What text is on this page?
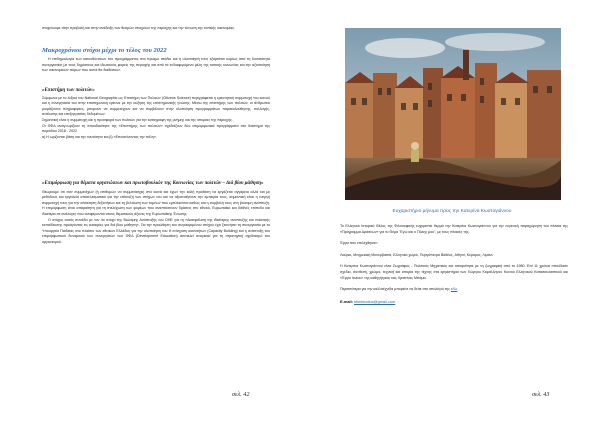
στοχεύουμε στην προβολή και στην ανάδειξη των θεσμών στοιχείων της περιοχής και την τόνωση της τοπικής οικονομίας.

Μακροχρόνιοι στόχοι μέχρι το τέλος του 2022

Η επιδημιολογία των κατευθύνσεων του προγράμματος στο πρώιμο στάδιο και η υλοποίησή τους εξαρτάται κυρίως από τη δυνατότητα συνεργασίας με τους δημόσιους και ιδιωτικούς φορείς της περιοχής και από τα ενδιαφερόμενα μέλη της τοπικής κοινωνίας και την αξιοποίηση των οικονομικών πόρων που αυτοί θα διαθέσουν.

«Επιστήμη των πολιτών»

Σύμφωνα με το λεξικό του National Geographic ως Επιστήμη των Πολιτών (Citizens Science) περιγράφεται η ερευνητική συμμετοχή του κοινού και η συνεργασία του στην επιστημονική έρευνα με την αύξηση της επιστημονικής γνώσης. Μέσω της επιστήμης των πολιτών, οι άνθρωποι μοιράζονται πληροφορίες, μπορούν να συμμετέχουν και να συμβάλουν στην υλοποίηση προγραμμάτων παρακολούθησης, συλλογής, ανάλυσης και επεξεργασίας δεδομένων.

Σημαντική είναι η συμμετοχή και η προσφορά των πολιτών για την καταγραφή της μνήμης και της ιστορίας της περιοχής.

Οι ΘΦΔ αναγνωρίζουν τη σπουδαιότητα της «Επιστήμης των πολιτών» σχεδιάζουν δύο επιμορφωτικά προγράμματα στο διάστημα της περιόδου 2018 - 2022

α) Η ωρίζονται βάση και την ταυτότητα και β) «Επεκτείνοντας την πόλη».

«Επιμόρφωση για θέματα οργανώσεων και πρωτοβουλιών της Κοινωνίας των πολιτών – Διά βίου μάθηση»

Θεωρούμε ότι σαν συμμετέχων (ή επιθυμών να συμμετάσχει) στα κοινά και έχων την καλή πρόθεση να εργάζεται αγγάρεια αλλά και με μεθόδους και εργαλεία αποτελεσματικά για την επίτευξη των στόχων του και να αξιοποιήσουν την εμπειρία τους, σημαντική είναι η ενεργή συμμετοχή τους για την απόκτηση δεξιοτήτων και τη βελτίωση των τομέων που εμπλέκονται καθώς και η συμβολή τους στη βιώσιμη ανάπτυξη. Η επιμόρφωση είναι απαραίτητη για τη στελέχωση των φορέων που αναπτύσσουν δράσεις στο εθνικό, Ευρωπαϊκό και διεθνές επίπεδο και ιδιαίτερα σε ανάλογες που αναφέρονται στους θεματικούς άξονες της Ευρωπαϊκής Ένωσης.

Ο στόχος αυτός συνάδει με τον 4ο στόχο της Βιώσιμης Ανάπτυξης του ΟΗΕ για τη «Διασφάλιση της ιδιαίτερης ανάπτυξης και ποιοτικής εκπαίδευσης προάγοντας τις ευκαιρίες για διά βίου μάθηση». Για την προώθηση του συγκεκριμένου στόχου έχει ξεκινήσει τη συνεργασία με το Υπουργείο Παιδείας στο πλαίσιο των εθνικών Ελλάδας για την υλοποίηση του Η ενίσχυση ικανοτήτων (Capacity Building) και η ανάπτυξη του επιμορφωτικού δυναμικού των συνεργατών των ΘΦΔ (Development Education) αποτελεί αναγκαίο για τη στρατηγική σχεδιασμό του οργανισμού.

σελ. 42
Ευχαριστήριο μήνυμα προς την Κατερίνα Κωστογιάννου

Το Ελληνικό Ιστορικό Θέλος της Φιλοσοφικής ευχαριστεί θερμά την Κατερίνα Κωστογιάννου για την ευγενική παραχώρηση του πίνακα της «Πρόγραμμα Δράσεων» για το Θέμα "Εγώ και ο Πόλης μου", με τους πίνακές της.

Έργα που επιλέχθηκαν:

Λαύριο, Μνημειακή Μονεμβασιά, Ελληνικό χωριό, Πυργόπετρα Βαθέος, Αθήνα, Κέραμος, Λιμάνι.

Η Κατερίνα Κωστογιάννου είναι Ζωγράφος - Πολιτικός Μηχανικός και αποφοίτησε με τη ζωγραφική από το 1980. Επί 11 χρόνια σπούδασε σχέδιο, σύνθεση, χρώμα, τεχνική και ιστορία της τέχνης στα εργαστήρια των Γιώργου Κεφαλληνού Κοινού Ελληνικού Κατασκευαστικού και «Έργα Ιονίου» της καθηγήτριας κας Χριστίνας Μπάμα.

Περισσότερα για την καλλιτέχνιδα μπορείτε να δείτε στο ιστολόγιό της εδώ

E-mail: ktsntsudios@gmail.com

σελ. 43
